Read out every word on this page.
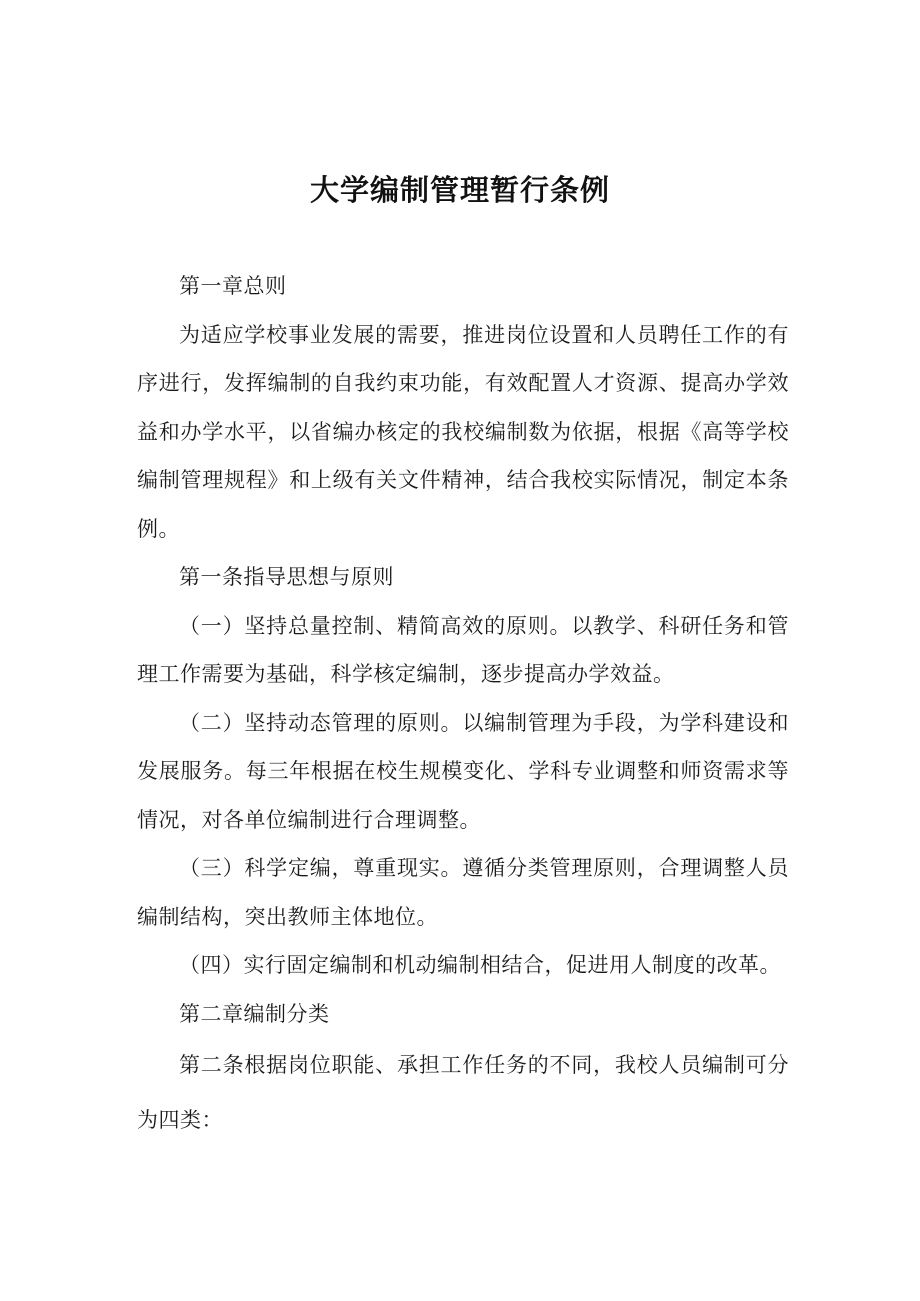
大学编制管理暂行条例

第一章总则

为适应学校事业发展的需要，推进岗位设置和人员聘任工作的有序进行，发挥编制的自我约束功能，有效配置人才资源、提高办学效益和办学水平，以省编办核定的我校编制数为依据，根据《高等学校编制管理规程》和上级有关文件精神，结合我校实际情况，制定本条例。

第一条指导思想与原则

（一）坚持总量控制、精简高效的原则。以教学、科研任务和管理工作需要为基础，科学核定编制，逐步提高办学效益。

（二）坚持动态管理的原则。以编制管理为手段，为学科建设和发展服务。每三年根据在校生规模变化、学科专业调整和师资需求等情况，对各单位编制进行合理调整。

（三）科学定编，尊重现实。遵循分类管理原则，合理调整人员编制结构，突出教师主体地位。

（四）实行固定编制和机动编制相结合，促进用人制度的改革。

第二章编制分类

第二条根据岗位职能、承担工作任务的不同，我校人员编制可分为四类：
